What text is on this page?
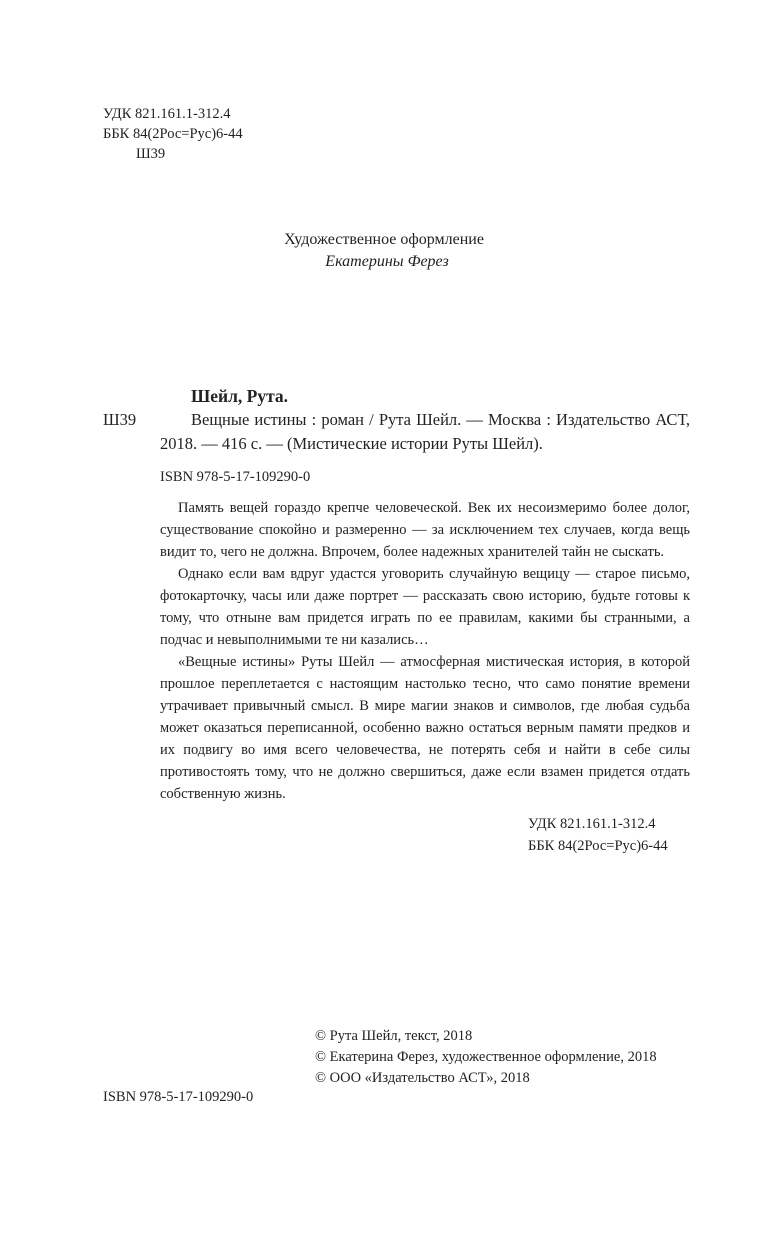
УДК 821.161.1-312.4
ББК 84(2Рос=Рус)6-44
Ш39
Художественное оформление
Екатерины Ферез
Шейл, Рута.
Ш39	Вещные истины : роман / Рута Шейл. — Москва : Издательство АСТ, 2018. — 416 с. — (Мистические истории Руты Шейл).

ISBN 978-5-17-109290-0

Память вещей гораздо крепче человеческой. Век их несоизмеримо более долог, существование спокойно и размеренно — за исключением тех случаев, когда вещь видит то, чего не должна. Впрочем, более надежных хранителей тайн не сыскать.

Однако если вам вдруг удастся уговорить случайную вещицу — старое письмо, фотокарточку, часы или даже портрет — рассказать свою историю, будьте готовы к тому, что отныне вам придется играть по ее правилам, какими бы странными, а подчас и невыполнимыми те ни казались…

«Вещные истины» Руты Шейл — атмосферная мистическая история, в которой прошлое переплетается с настоящим настолько тесно, что само понятие времени утрачивает привычный смысл. В мире магии знаков и символов, где любая судьба может оказаться переписанной, особенно важно остаться верным памяти предков и их подвигу во имя всего человечества, не потерять себя и найти в себе силы противостоять тому, что не должно свершиться, даже если взамен придется отдать собственную жизнь.

УДК 821.161.1-312.4
ББК 84(2Рос=Рус)6-44
© Рута Шейл, текст, 2018
© Екатерина Ферез, художественное оформление, 2018
© ООО «Издательство АСТ», 2018
ISBN 978-5-17-109290-0
